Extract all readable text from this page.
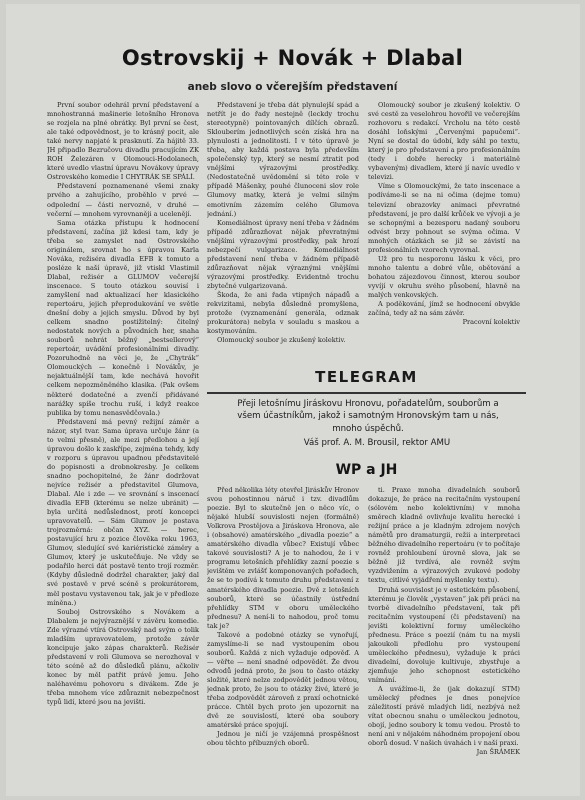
Ostrovskij + Novák + Dlabal
aneb slovo o včerejším představení

První soubor odehrál první představení a mnohostranná mašinerie letošního Hronova se rozjela na plné obrátky. Byl první se čest, ale také odpovědnost, je to krásný pocit, ale také nervy napjaté k prasknutí. Za hájitě 33. JH připadlo Bezručovu divadlu pracujícím ZK ROH Železáren v Olomouci-Hodolanech, které uvedlo vlastní úpravu Novákovy úpravy Ostrovského komedie I CHYTRÁK SE SPÁLÍ.

Představení poznamenané všemi znaky prvého a zahujícího, proběhlo v prvé — odpolední — části nervozně, v druhé — večerní — mnohem vyrovnaněji a ucelenějí.

Sama otázka přístupu k hodnocení představení, začína již kdesi tam, kdy je třeba se zamyslet nad Ostrovského originálem, srovnat ho s úpravou Karla Nováka, režiséra divadla EFB k tomuto a posléze k naší úpravě, již vtiskl Vlastimil Dlabal, režisér a GLUMOV večerejší inscenace. S touto otázkou souvisí i zamyšlení nad aktualizací her klasického repertoáru, jejich přeprodukování ve světle dnešní doby a jejich smyslu. Důvod by byl celkem snadno postižitelný: čitelný nedostatek nových a původních her, snaha souborů nehrát běžný „bestsellerový“ repertoár, uvádění profesionálními divadly. Pozoruhodně na věci je, že „Chytrák“ Olomouckých — konečně i Novákův, je nejaktuálnější tam, kde nechává hovořit celkem nepozměněného klasika. (Pak ovšem některé dodatečné a zvenčí přidávané narážky spíše trochu ruší, i když reakce publika by tomu nenasvědčovala.)

Představení má pevný režijní záměr a názor, styl tvar. Sama úprava určuje žánr (a to velmi přesně), ale mezi předlohou a její úpravou došlo k zaskřípe, zejména tehdy, kdy v rozporu s úpravou upadnou představitelé do popisnosti a drobnokresby. Je celkem snadno pochopitelné, že žánr dodržovat nejvíce režisér a představitel Glumova, Dlabal. Ale i zde — ve srovnání s inscenací divadla EFB (kterému se nelze ubránit) — byla určitá nedůslednost, protí koncepci upravovatelů. — Sám Glumov je postava trojrozměrná: občan XYZ. — herec, postavující hru z pozice člověka roku 1963, Glumov, sledující své kariéristické záměry a Glumov, který je uskutečňuje. Ne vždy se podařilo herci dát postavě tento trojí rozměr. (Kdyby důsledně dodržel charakter, jaký dal své postavě v prvé scéně s prokurátorem, měl postavu vystavenou tak, jak je v předloze míněna.)

Souboj Ostrovského s Novákem a Dlabalem je nejvýraznější v závěru komedie. Zde výrazné vtírá Ostrovský nad svým o tolik mladším upravovatelem, protože závěr koncipuje jako zápas charakterů. Režisér představení v roli Glumova se nerozhoval v této scéně až do důsledků plánu, ačkoliv konec by měl patřit právě jemu. Jeho naléhavému pohovoru s divákem. Zde je třeba mnohem více zdůraznit nebezpečnost typů lidí, které jsou na jevišti.

Představení je třeba dát plynulejší spád a netřít je do řady nestejně (leckdy trochu stereotypně) pointovaných dílčích obrazů. Sklouberím jednotlivých scén získá hra na plynulosti a jednolitosti. I v této úpravě je třeba, aby každá postava byla především společenský typ, který se nesmí ztratit pod vnějšími výrazovými prostředky. (Nedostatečně uvědomění si této role v případě Mášenky, pouhé člunoceni slov role Glumovy matky, která je velmi silným emotivním zázemím celého Glumova jednání.)

Komediálnost úpravy není třeba v žádném případě zdůrazňovat nějak převratnými vnějšími výrazovými prostředky, pak hrozí nebezpečí vulgarizace. Komediálnost představení není třeba v žádném případě zdůrazňovat nějak výraznými vnějšími výrazovými prostředky. Evidentně trochu zbytečné vulgarizovaná.

Škoda, že ani řada vtipných nápadů a rekvizitami, nebyla důsledně promyšlena, protože (vyznamenání generála, odznak prokurátora) nebyla v souladu s maskou a kostymováním.

Olomoucký soubor je zkušený kolektiv.

Olomoucký soubor je zkušený kolektiv. O své cestě za veselohrou hovořil ve večerejším rozhovoru s redakcí. Vrcholu na této cestě dosáhl loňskými „Červenými papučemi“. Nyní se dostal do údobí, kdy sáhl po textu, který je pro představení a pro profesionálním (tedy i dobře herecky i materiálně vybaveným) divadlem, které jí navíc uvedlo v televizi.

Víme s Olomouckými, že tato inscenace a podíváme-li se na ni očima (dejme tomu) televizní obrazovky animaci převratné představení, je pro další krůček ve vývoji a je se schopnými a bezesporu nadaný souboru odvést brzy pohnout se svýma očima. V mnohých otázkách se již se závistí na profesionálních vzorech vyrovnal.

Už pro tu nesporonu lásku k věci, pro mnoho talentu a dobré vůle, obětování a bohatou zájezdovou činnost, kterou soubor vyvíjí v okruhu svého působení, hlavně na malých venkovských.

A poděkování, jímž se hodnocení obvykle začíná, tedy až na sám závěr.

Pracovní kolektiv

TELEGRAM
Přeji letošnímu Jiráskovu Hronovu, pořadatelům, souborům a všem účastníkům, jakož i samotným Hronovským tam u nás, mnoho úspěchů.
Váš prof. A. M. Brousil, rektor AMU
WP a JH

Před několika léty otevřel Jiráskův Hronov svou pohostinnou náruč i tzv. divadlům poezie. Byl to skutečně jen o něco víc, o nějaké hlubší souvislosti nejen (formálně) Volkrova Prostějova a Jiráskova Hronova, ale i (obsahové) amatérského „divadla poezie“ a amatérského divadla vůbec? Existují vůbec takové souvislosti? A je to nahodou, že i v programu letošních přehlídky zazní poezie s jevištěm ve zvlášť komponovaných pořadech, že se to podívá k tomuto druhu představení z amatérského divadla poezie. Dvě z letošních souborů, které se účastnily ústřední přehlídky STM v oboru uměleckého přednesu? A není-li to nahodou, proč tomu tak je?

Takové a podobné otázky se vynořují, zamyslíme-li se nad vystoupením obou souborů. Každá z nich vyžaduje odpověď. A — věřte — není snadné odpovědět. Že dvou odvodů jedná proto, že jsou to často otázky složité, které nelze zodpovědět jednou větou, jednak proto, že jsou to otázky živé, které je třeba zodpovědět zároveň z praxí ochotnické prácce. Chtěl bych proto jen upozornit na dvě ze souvislostí, které oba soubory amatérské práce spojují.

Jednou je ničí je vzájemná prospěšnost obou těchto příbuzných oborů.

ti. Praxe mnoha divadelních souborů dokazuje, že práce na recitačním vystoupení (sólovém nebo kolektivním) v mnoha směrech kladně ovlivňuje kvalitu herecké i režijní práce a je kladným zdrojem nových námětů pro dramaturgii, režii a interpretaci běžného divadelního repertoáru (v to počítaje rovněž prohloubení úrovně slova, jak se běžně již tvrdívá, ale rovněž svým vyzdvižením a výrazových zvukové podoby textu, citlivé vyjádření myšlenky textu).

Druhá souvislost je v estetickém působení, kterému je člověk „vystaven“ jak při práci na tvorbě divadelního představení, tak při recitačním vystoupení (či představení) na jevišti kolektivní formy uměleckého přednesu. Práce s poezií (nám tu na mysli jakoukoli předlohu pro vystoupení uměleckého přednesu), vyžaduje k práci divadelní, dovoluje kultivuje, zbystřuje a zjemňuje jeho schopnost estetického vnímání.

A uvážíme-li, že (jak dokazují STM) umělecký přednes je dnes ponejvíce záležitostí právě mladých lidí, nezbývá než vítat obecnou snahu o uměleckou jednotou, obojí, jedno soubory k tomu vedou. Prostě to není ani v nějakém náhodném propojení obou oborů dosud. V našich úvahách i v naší praxi.

Jan ŠRÁMEK
